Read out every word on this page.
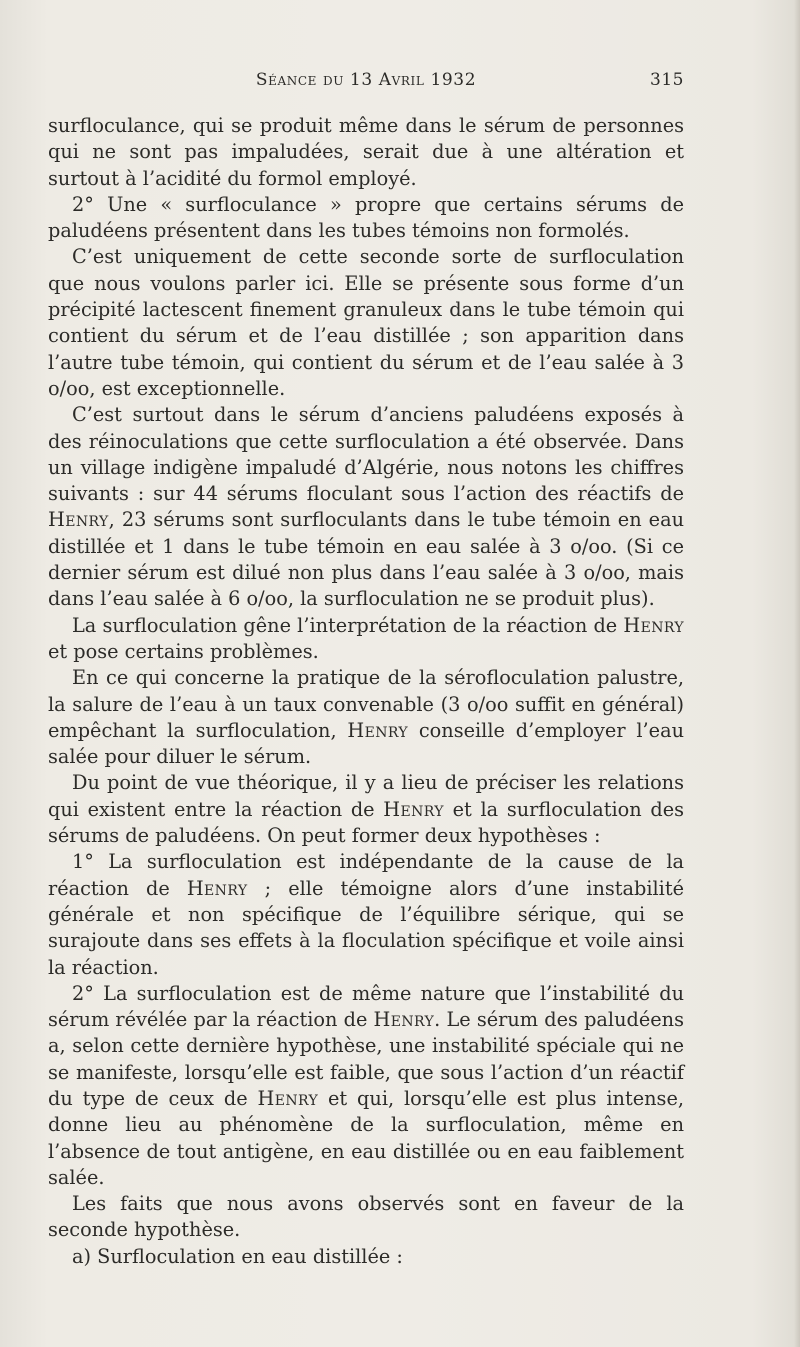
Séance du 13 Avril 1932	315

surfloculance, qui se produit même dans le sérum de personnes qui ne sont pas impaludées, serait due à une altération et surtout à l’acidité du formol employé.

2° Une « surfloculance » propre que certains sérums de paludéens présentent dans les tubes témoins non formolés.

C’est uniquement de cette seconde sorte de surfloculation que nous voulons parler ici. Elle se présente sous forme d’un précipité lactescent finement granuleux dans le tube témoin qui contient du sérum et de l’eau distillée ; son apparition dans l’autre tube témoin, qui contient du sérum et de l’eau salée à 3 o/oo, est exceptionnelle.

C’est surtout dans le sérum d’anciens paludéens exposés à des réinoculations que cette surfloculation a été observée. Dans un village indigène impaludé d’Algérie, nous notons les chiffres suivants : sur 44 sérums floculant sous l’action des réactifs de Henry, 23 sérums sont surfloculants dans le tube témoin en eau distillée et 1 dans le tube témoin en eau salée à 3 o/oo. (Si ce dernier sérum est dilué non plus dans l’eau salée à 3 o/oo, mais dans l’eau salée à 6 o/oo, la surfloculation ne se produit plus).

La surfloculation gêne l’interprétation de la réaction de Henry et pose certains problèmes.

En ce qui concerne la pratique de la sérofloculation palustre, la salure de l’eau à un taux convenable (3 o/oo suffit en général) empêchant la surfloculation, Henry conseille d’employer l’eau salée pour diluer le sérum.

Du point de vue théorique, il y a lieu de préciser les relations qui existent entre la réaction de Henry et la surfloculation des sérums de paludéens. On peut former deux hypothèses :

1° La surfloculation est indépendante de la cause de la réaction de Henry ; elle témoigne alors d’une instabilité générale et non spécifique de l’équilibre sérique, qui se surajoute dans ses effets à la floculation spécifique et voile ainsi la réaction.

2° La surfloculation est de même nature que l’instabilité du sérum révélée par la réaction de Henry. Le sérum des paludéens a, selon cette dernière hypothèse, une instabilité spéciale qui ne se manifeste, lorsqu’elle est faible, que sous l’action d’un réactif du type de ceux de Henry et qui, lorsqu’elle est plus intense, donne lieu au phénomène de la surfloculation, même en l’absence de tout antigène, en eau distillée ou en eau faiblement salée.

Les faits que nous avons observés sont en faveur de la seconde hypothèse.

a) Surfloculation en eau distillée :
